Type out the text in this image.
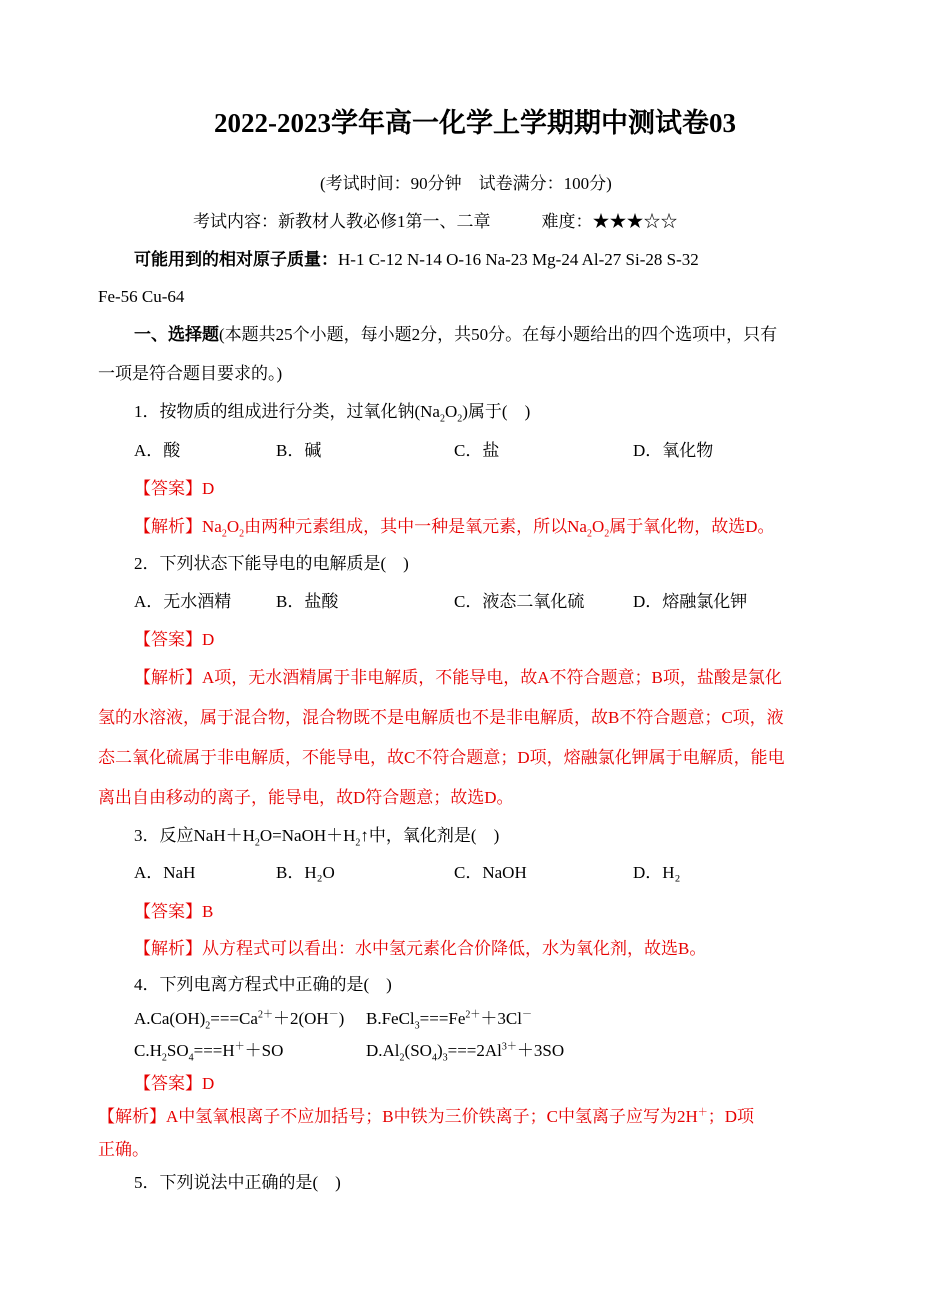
2022-2023学年高一化学上学期期中测试卷03
(考试时间：90分钟　试卷满分：100分)
考试内容：新教材人教必修1第一、二章　　　难度：★★★☆☆
可能用到的相对原子质量：H-1 C-12 N-14 O-16 Na-23 Mg-24 Al-27 Si-28 S-32
Fe-56 Cu-64
一、选择题(本题共25个小题，每小题2分，共50分。在每小题给出的四个选项中，只有
一项是符合题目要求的。)
1．按物质的组成进行分类，过氧化钠$(Na_2O_2)$属于(　)
A．酸	B．碱	C．盐	D．氧化物
【答案】D
【解析】$Na_2O_2$由两种元素组成，其中一种是氧元素，所以$Na_2O_2$属于氧化物，故选D。
2．下列状态下能导电的电解质是(　)
A．无水酒精	B．盐酸	C．液态二氧化硫	D．熔融氯化钾
【答案】D
【解析】A项，无水酒精属于非电解质，不能导电，故A不符合题意；B项，盐酸是氯化
氢的水溶液，属于混合物，混合物既不是电解质也不是非电解质，故B不符合题意；C项，液
态二氧化硫属于非电解质，不能导电，故C不符合题意；D项，熔融氯化钾属于电解质，能电
离出自由移动的离子，能导电，故D符合题意；故选D。
3．反应$NaH+H_2O=NaOH+H_2↑$中，氧化剂是(　)
A．NaH	B．H₂O	C．NaOH	D．H₂
【答案】B
【解析】从方程式可以看出：水中氢元素化合价降低，水为氧化剂，故选B。
4．下列电离方程式中正确的是(　)
$A.Ca(OH)_2===Ca^{2+}+2(OH^-)$ $B.FeCl_3===Fe^{2+}+3Cl^-$
$C.H_2SO_4===H^++SO$	$D.Al_2(SO_4)_3===2Al^{3+}+3SO$
【答案】D
【解析】A中氢氧根离子不应加括号；B中铁为三价铁离子；C中氢离子应写为2H＋；D项
正确。
5．下列说法中正确的是(　)
